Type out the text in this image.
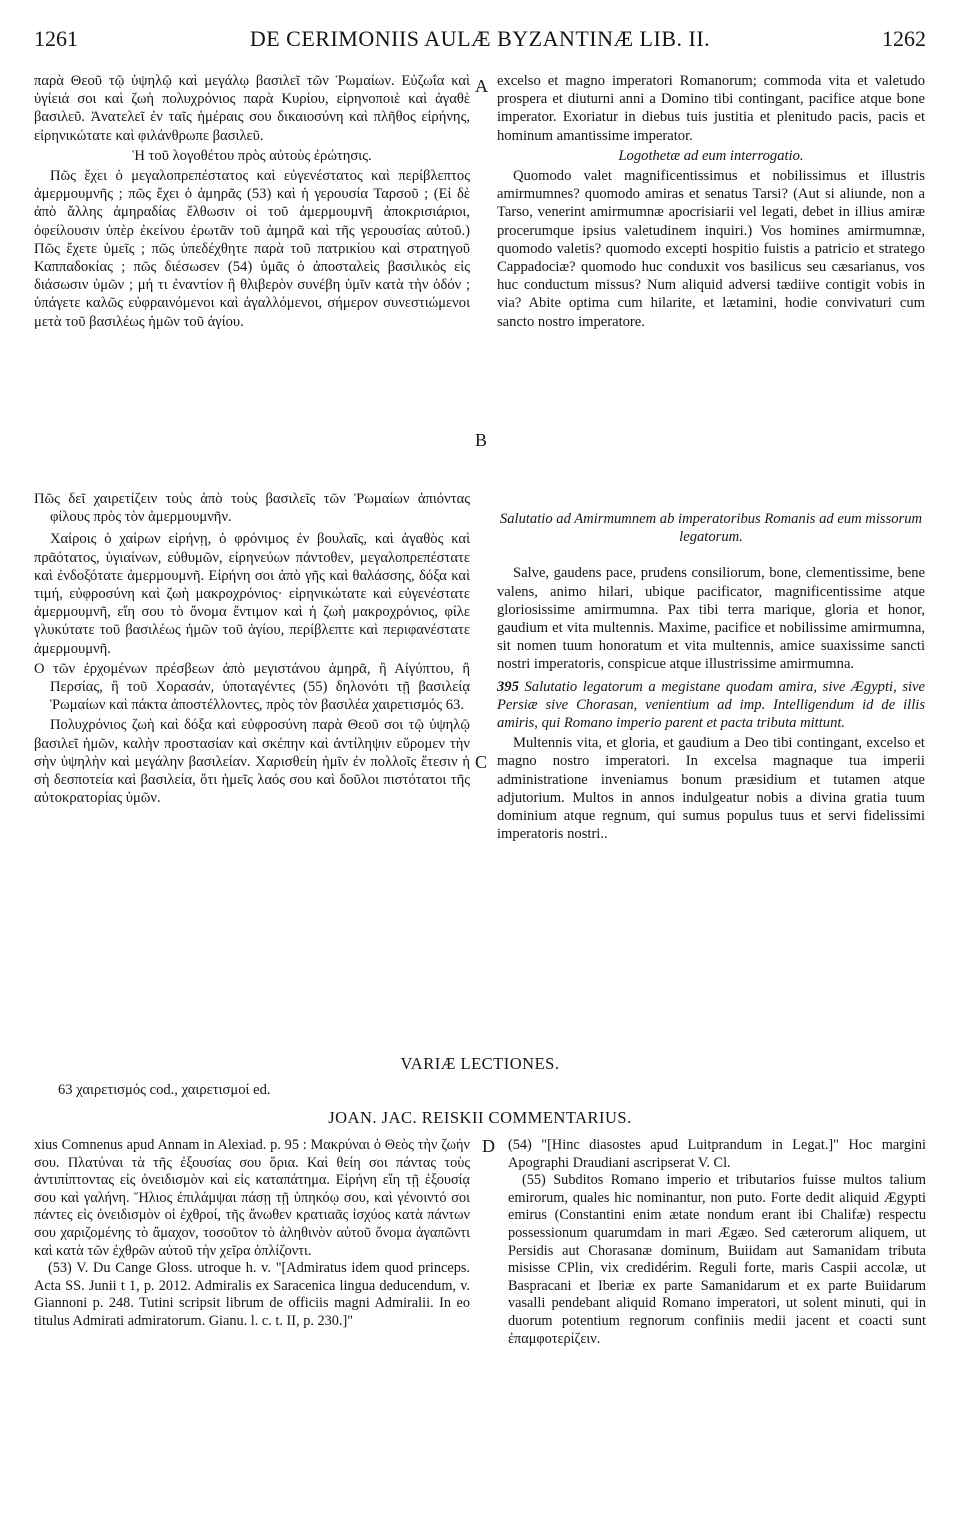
1261	DE CERIMONIIS AULÆ BYZANTINÆ LIB. II.	1262
A
B
C
D

παρὰ Θεοῦ τῷ ὑψηλῷ καὶ μεγάλῳ βασιλεῖ τῶν Ῥωμαίων. Εὐζωΐα καὶ ὑγίειά σοι καὶ ζωὴ πολυχρόνιος παρὰ Κυρίου, εἰρηνοποιὲ καὶ ἀγαθὲ βασιλεῦ. Ἀνατελεῖ ἐν ταῖς ἡμέραις σου δικαιοσύνη καὶ πλῆθος εἰρήνης, εἰρηνικώτατε καὶ φιλάνθρωπε βασιλεῦ.

Ἡ τοῦ λογοθέτου πρὸς αὐτοὺς ἐρώτησις.

Πῶς ἔχει ὁ μεγαλοπρεπέστατος καὶ εὐγενέστατος καὶ περίβλεπτος ἀμερμουμνῆς ; πῶς ἔχει ὁ ἀμηρᾶς (53) καὶ ἡ γερουσία Ταρσοῦ ; (Εἰ δὲ ἀπὸ ἄλλης ἀμηραδίας ἔλθωσιν οἱ τοῦ ἀμερμουμνῆ ἀποκρισιάριοι, ὀφείλουσιν ὑπὲρ ἐκείνου ἐρωτᾶν τοῦ ἀμηρᾶ καὶ τῆς γερουσίας αὐτοῦ.) Πῶς ἔχετε ὑμεῖς ; πῶς ὑπεδέχθητε παρὰ τοῦ πατρικίου καὶ στρατηγοῦ Καππαδοκίας ; πῶς διέσωσεν (54) ὑμᾶς ὁ ἀποσταλεὶς βασιλικὸς εἰς διάσωσιν ὑμῶν ; μή τι ἐναντίον ἢ θλιβερὸν συνέβη ὑμῖν κατὰ τὴν ὁδόν ; ὑπάγετε καλῶς εὐφραινόμενοι καὶ ἀγαλλόμενοι, σήμερον συνεστιώμενοι μετὰ τοῦ βασιλέως ἡμῶν τοῦ ἁγίου.

Πῶς δεῖ χαιρετίζειν τοὺς ἀπὸ τοὺς βασιλεῖς τῶν Ῥωμαίων ἀπιόντας φίλους πρὸς τὸν ἀμερμουμνῆν.

Χαίροις ὁ χαίρων εἰρήνῃ, ὁ φρόνιμος ἐν βουλαῖς, καὶ ἀγαθὸς καὶ πρᾶότατος, ὑγιαίνων, εὐθυμῶν, εἰρηνεύων πάντοθεν, μεγαλοπρεπέστατε καὶ ἐνδοξότατε ἀμερμουμνῆ. Εἰρήνη σοι ἀπὸ γῆς καὶ θαλάσσης, δόξα καὶ τιμή, εὐφροσύνη καὶ ζωὴ μακροχρόνιος· εἰρηνικώτατε καὶ εὐγενέστατε ἀμερμουμνῆ, εἴη σου τὸ ὄνομα ἔντιμον καὶ ἡ ζωὴ μακροχρόνιος, φίλε γλυκύτατε τοῦ βασιλέως ἡμῶν τοῦ ἁγίου, περίβλεπτε καὶ περιφανέστατε ἀμερμουμνῆ.

Ο τῶν ἐρχομένων πρέσβεων ἀπὸ μεγιστάνου ἀμηρᾶ, ἢ Αἰγύπτου, ἢ Περσίας, ἢ τοῦ Χορασάν, ὑποταγέντες (55) δηλονότι τῇ βασιλείᾳ Ῥωμαίων καὶ πάκτα ἀποστέλλοντες, πρὸς τὸν βασιλέα χαιρετισμός 63.

Πολυχρόνιος ζωὴ καὶ δόξα καὶ εὐφροσύνη παρὰ Θεοῦ σοι τῷ ὑψηλῷ βασιλεῖ ἡμῶν, καλὴν προστασίαν καὶ σκέπην καὶ ἀντίληψιν εὕρομεν τὴν σὴν ὑψηλὴν καὶ μεγάλην βασιλείαν. Χαρισθείη ἡμῖν ἐν πολλοῖς ἔτεσιν ἡ σὴ δεσποτεία καὶ βασιλεία, ὅτι ἡμεῖς λαός σου καὶ δοῦλοι πιστότατοι τῆς αὐτοκρατορίας ὑμῶν.

excelso et magno imperatori Romanorum; commoda vita et valetudo prospera et diuturni anni a Domino tibi contingant, pacifice atque bone imperator. Exoriatur in diebus tuis justitia et plenitudo pacis, pacis et hominum amantissime imperator.

Logothetæ ad eum interrogatio.

Quomodo valet magnificentissimus et nobilissimus et illustris amirmumnes? quomodo amiras et senatus Tarsi? (Aut si aliunde, non a Tarso, venerint amirmumnæ apocrisiarii vel legati, debet in illius amiræ procerumque ipsius valetudinem inquiri.) Vos homines amirmumnæ, quomodo valetis? quomodo excepti hospitio fuistis a patricio et stratego Cappadociæ? quomodo huc conduxit vos basilicus seu cæsarianus, vos huc conductum missus? Num aliquid adversi tædiive contigit vobis in via? Abite optima cum hilarite, et lætamini, hodie convivaturi cum sancto nostro imperatore.

Salutatio ad Amirmumnem ab imperatoribus Romanis ad eum missorum legatorum.

Salve, gaudens pace, prudens consiliorum, bone, clementissime, bene valens, animo hilari, ubique pacificator, magnificentissime atque gloriosissime amirmumna. Pax tibi terra marique, gloria et honor, gaudium et vita multennis. Maxime, pacifice et nobilissime amirmumna, sit nomen tuum honoratum et vita multennis, amice suaxissime sancti nostri imperatoris, conspicue atque illustrissime amirmumna.

395 Salutatio legatorum a megistane quodam amira, sive Ægypti, sive Persiæ sive Chorasan, venientium ad imp. Intelligendum id de illis amiris, qui Romano imperio parent et pacta tributa mittunt.

Multennis vita, et gloria, et gaudium a Deo tibi contingant, excelso et magno nostro imperatori. In excelsa magnaque tua imperii administratione inveniamus bonum præsidium et tutamen atque adjutorium. Multos in annos indulgeatur nobis a divina gratia tuum dominium atque regnum, qui sumus populus tuus et servi fidelissimi imperatoris nostri..

VARIÆ LECTIONES.
63 χαιρετισμός cod., χαιρετισμοί ed.
JOAN. JAC. REISKII COMMENTARIUS.

xius Comnenus apud Annam in Alexiad. p. 95 : Μακρύναι ὁ Θεὸς τὴν ζωήν σου. Πλατύναι τὰ τῆς ἐξουσίας σου ὅρια. Καὶ θείη σοι πάντας τοὺς ἀντιπίπτοντας εἰς ὀνειδισμὸν καὶ εἰς καταπάτημα. Εἰρήνη εἴη τῇ ἐξουσίᾳ σου καὶ γαλήνη. Ἥλιος ἐπιλάμψαι πάσῃ τῇ ὑπηκόῳ σου, καὶ γένοιντό σοι πάντες εἰς ὀνειδισμὸν οἱ ἐχθροί, τῆς ἄνωθεν κρατιαᾶς ἰσχύος κατὰ πάντων σου χαριζομένης τὸ ἄμαχον, τοσοῦτον τὸ ἀληθινὸν αὐτοῦ ὄνομα ἀγαπῶντι καὶ κατὰ τῶν ἐχθρῶν αὐτοῦ τὴν χεῖρα ὁπλίζοντι.

(53) V. Du Cange Gloss. utroque h. v. "[Admiratus idem quod princeps. Acta SS. Junii t 1, p. 2012. Admiralis ex Saracenica lingua deducendum, v. Giannoni p. 248. Tutini scripsit librum de officiis magni Admiralii. In eo titulus Admirati admiratorum. Gianu. l. c. t. II, p. 230.]"

(54) "[Hinc diasostes apud Luitprandum in Legat.]" Hoc margini Apographi Draudiani ascripserat V. Cl.

(55) Subditos Romano imperio et tributarios fuisse multos talium emirorum, quales hic nominantur, non puto. Forte dedit aliquid Ægypti emirus (Constantini enim ætate nondum erant ibi Chalifæ) respectu possessionum quarumdam in mari Ægæo. Sed cæterorum aliquem, ut Persidis aut Chorasanæ dominum, Buiidam aut Samanidam tributa misisse CPlin, vix credidérim. Reguli forte, maris Caspii accolæ, ut Baspracani et Iberiæ ex parte Samanidarum et ex parte Buiidarum vasalli pendebant aliquid Romano imperatori, ut solent minuti, qui in duorum potentium regnorum confiniis medii jacent et coacti sunt ἐπαμφοτερίζειν.
